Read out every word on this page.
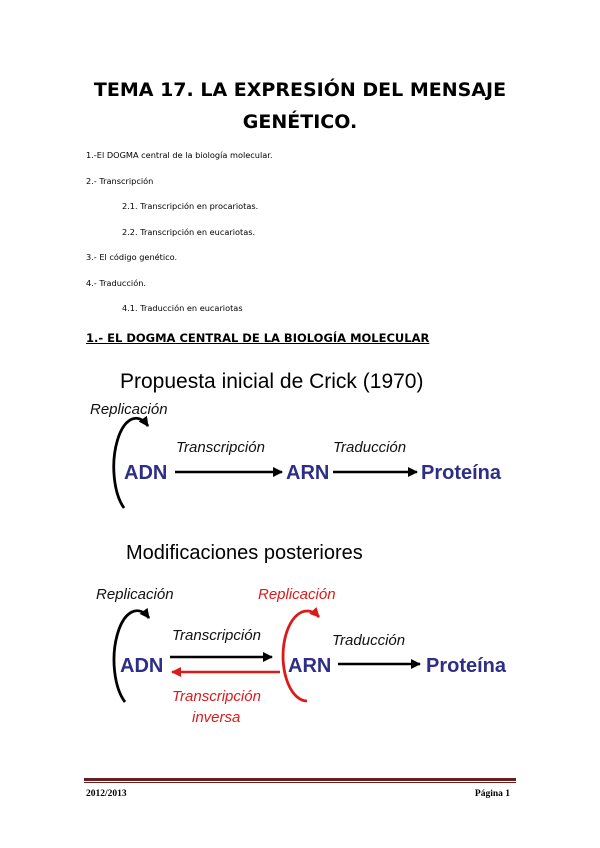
TEMA 17. LA EXPRESIÓN DEL MENSAJE
GENÉTICO.
1.-El DOGMA central de la biología molecular.
2.- Transcripción
2.1. Transcripción en procariotas.
2.2. Transcripción en eucariotas.
3.- El código genético.
4.- Traducción.
4.1. Traducción en eucariotas
1.- EL DOGMA CENTRAL DE LA BIOLOGÍA MOLECULAR
Propuesta inicial de Crick (1970)
Replicación
ADN
Transcripción
ARN
Traducción
Proteína
Modificaciones posteriores
Replicación
ADN
Transcripción
Transcripción
inversa
Replicación
ARN
Traducción
Proteína
2012/2013	Página 1
